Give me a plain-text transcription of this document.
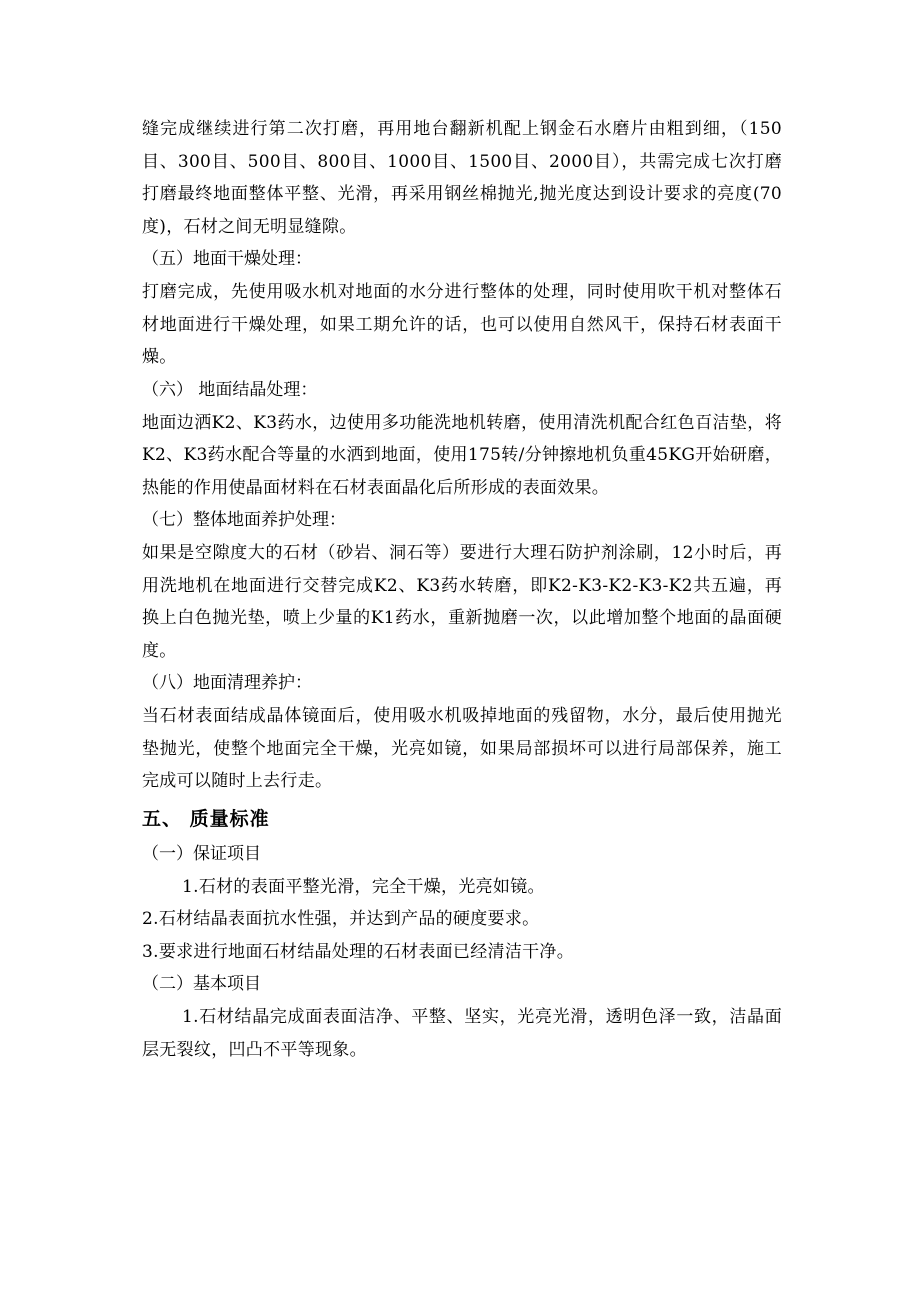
缝完成继续进行第二次打磨，再用地台翻新机配上钢金石水磨片由粗到细，（150目、300目、500目、800目、1000目、1500目、2000目），共需完成七次打磨打磨最终地面整体平整、光滑，再采用钢丝棉抛光,抛光度达到设计要求的亮度(70度)，石材之间无明显缝隙。

（五）地面干燥处理：

打磨完成，先使用吸水机对地面的水分进行整体的处理，同时使用吹干机对整体石材地面进行干燥处理，如果工期允许的话，也可以使用自然风干，保持石材表面干燥。

（六） 地面结晶处理：

地面边洒K2、K3药水，边使用多功能洗地机转磨，使用清洗机配合红色百洁垫，将K2、K3药水配合等量的水洒到地面，使用175转/分钟擦地机负重45KG开始研磨，热能的作用使晶面材料在石材表面晶化后所形成的表面效果。

（七）整体地面养护处理：

如果是空隙度大的石材（砂岩、洞石等）要进行大理石防护剂涂刷，12小时后，再用洗地机在地面进行交替完成K2、K3药水转磨，即K2-K3-K2-K3-K2共五遍，再换上白色抛光垫，喷上少量的K1药水，重新抛磨一次，以此增加整个地面的晶面硬度。

（八）地面清理养护：

当石材表面结成晶体镜面后，使用吸水机吸掉地面的残留物，水分，最后使用抛光垫抛光，使整个地面完全干燥，光亮如镜，如果局部损坏可以进行局部保养，施工完成可以随时上去行走。

五、 质量标准

（一）保证项目

1.石材的表面平整光滑，完全干燥，光亮如镜。

2.石材结晶表面抗水性强，并达到产品的硬度要求。

3.要求进行地面石材结晶处理的石材表面已经清洁干净。

（二）基本项目

1.石材结晶完成面表面洁净、平整、坚实，光亮光滑，透明色泽一致，洁晶面层无裂纹，凹凸不平等现象。
